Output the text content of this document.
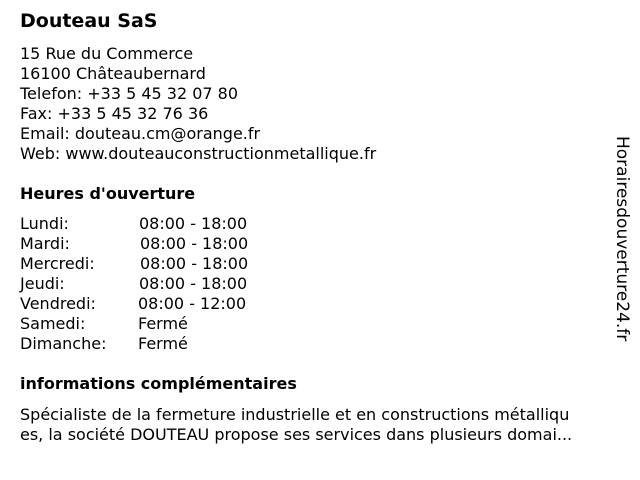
Douteau SaS
15 Rue du Commerce
16100 Châteaubernard
Telefon: +33 5 45 32 07 80
Fax: +33 5 45 32 76 36
Email: douteau.cm@orange.fr
Web: www.douteauconstructionmetallique.fr
Heures d'ouverture
Lundi:	08:00 - 18:00
Mardi:	08:00 - 18:00
Mercredi:	08:00 - 18:00
Jeudi:	08:00 - 18:00
Vendredi:	08:00 - 12:00
Samedi:	Fermé
Dimanche: Fermé
informations complémentaires
Spécialiste de la fermeture industrielle et en constructions métalliqu
es, la société DOUTEAU propose ses services dans plusieurs domai...
Horairesdouverture24.fr
